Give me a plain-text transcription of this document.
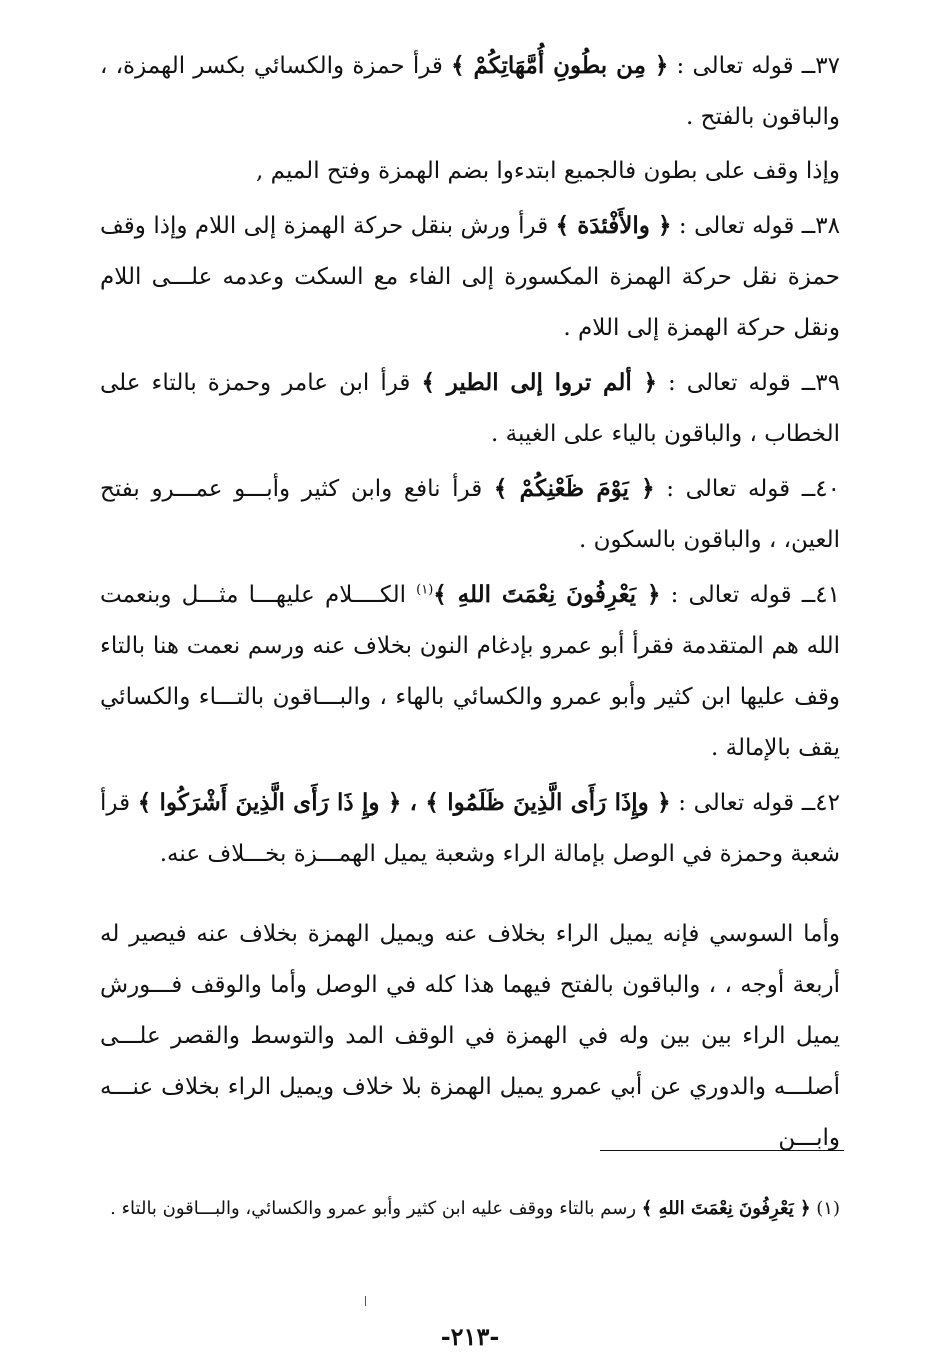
٣٧ــ قوله تعالى : ﴿ مِن بطُونِ أُمَّهَاتِكُمْ ﴾ قرأ حمزة والكسائي بكسر الهمزة، ، والباقون بالفتح .

وإذا وقف على بطون فالجميع ابتدءوا بضم الهمزة وفتح الميم ,

٣٨ــ قوله تعالى : ﴿ والأَفْئدَة ﴾ قرأ ورش بنقل حركة الهمزة إلى اللام وإذا وقف حمزة نقل حركة الهمزة المكسورة إلى الفاء مع السكت وعدمه علـــى اللام ونقل حركة الهمزة إلى اللام .

٣٩ــ قوله تعالى : ﴿ ألم تروا إلى الطير ﴾ قرأ ابن عامر وحمزة بالتاء على الخطاب ، والباقون بالياء على الغيبة .

٤٠ــ قوله تعالى : ﴿ يَوْمَ ظَعْنِكُمْ ﴾ قرأ نافع وابن كثير وأبـــو عمـــرو بفتح العين، ، والباقون بالسكون .

٤١ــ قوله تعالى : ﴿ يَعْرِفُونَ نِعْمَتَ اللهِ ﴾$^{(١)}$ الكــــلام عليهـــا مثـــل وبنعمت الله هم المتقدمة فقرأ أبو عمرو بإدغام النون بخلاف عنه ورسم نعمت هنا بالتاء وقف عليها ابن كثير وأبو عمرو والكسائي بالهاء ، والبـــاقون بالتـــاء والكسائي يقف بالإمالة .

٤٢ــ قوله تعالى : ﴿ وإِذَا رَأَى الَّذِينَ ظَلَمُوا ﴾ ، ﴿ وإِ ذَا رَأَى الَّذِينَ أَشْرَكُوا ﴾ قرأ شعبة وحمزة في الوصل بإمالة الراء وشعبة يميل الهمـــزة بخـــلاف عنه.

وأما السوسي فإنه يميل الراء بخلاف عنه ويميل الهمزة بخلاف عنه فيصير له أربعة أوجه ، ، والباقون بالفتح فيهما هذا كله في الوصل وأما والوقف فـــورش يميل الراء بين بين وله في الهمزة في الوقف المد والتوسط والقصر علـــى أصلـــه والدوري عن أبي عمرو يميل الهمزة بلا خلاف ويميل الراء بخلاف عنـــه وابـــن

(١) ﴿ يَعْرِفُونَ نِعْمَتَ اللهِ ﴾ رسم بالتاء ووقف عليه ابن كثير وأبو عمرو والكسائي، والبـــاقون بالتاء .

-٢١٣-
